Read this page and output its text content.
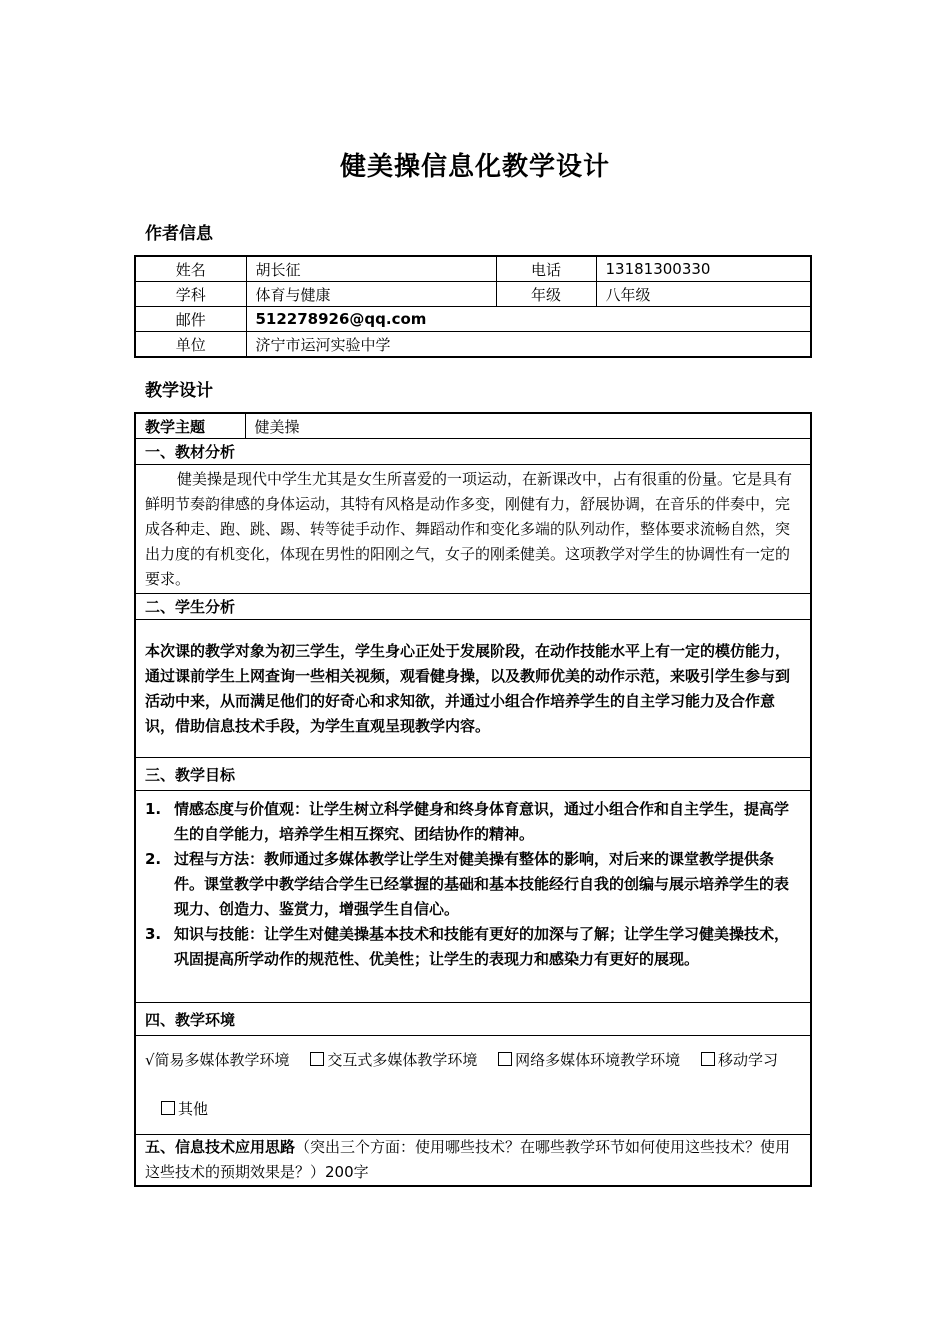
健美操信息化教学设计
作者信息
姓名	胡长征	电话	13181300330
学科	体育与健康	年级	八年级
邮件	512278926@qq.com		
单位	济宁市运河实验中学		
教学设计
教学主题	健美操
一、教材分析
健美操是现代中学生尤其是女生所喜爱的一项运动，在新课改中，占有很重的份量。它是具有鲜明节奏韵律感的身体运动，其特有风格是动作多变，刚健有力，舒展协调，在音乐的伴奏中，完成各种走、跑、跳、踢、转等徒手动作、舞蹈动作和变化多端的队列动作，整体要求流畅自然，突出力度的有机变化，体现在男性的阳刚之气，女子的刚柔健美。这项教学对学生的协调性有一定的要求。
二、学生分析
本次课的教学对象为初三学生，学生身心正处于发展阶段，在动作技能水平上有一定的模仿能力，通过课前学生上网查询一些相关视频，观看健身操，以及教师优美的动作示范，来吸引学生参与到活动中来，从而满足他们的好奇心和求知欲，并通过小组合作培养学生的自主学习能力及合作意识，借助信息技术手段，为学生直观呈现教学内容。
三、教学目标

1. 情感态度与价值观：让学生树立科学健身和终身体育意识，通过小组合作和自主学生，提高学生的自学能力，培养学生相互探究、团结协作的精神。
2. 过程与方法：教师通过多媒体教学让学生对健美操有整体的影响，对后来的课堂教学提供条件。课堂教学中教学结合学生已经掌握的基础和基本技能经行自我的创编与展示培养学生的表现力、创造力、鉴赏力，增强学生自信心。
3. 知识与技能：让学生对健美操基本技术和技能有更好的加深与了解；让学生学习健美操技术，巩固提高所学动作的规范性、优美性；让学生的表现力和感染力有更好的展现。

四、教学环境
√简易多媒体教学环境	交互式多媒体教学环境	网络多媒体环境教学环境	移动学习 其他
五、信息技术应用思路（突出三个方面：使用哪些技术？在哪些教学环节如何使用这些技术？使用这些技术的预期效果是？）200字
